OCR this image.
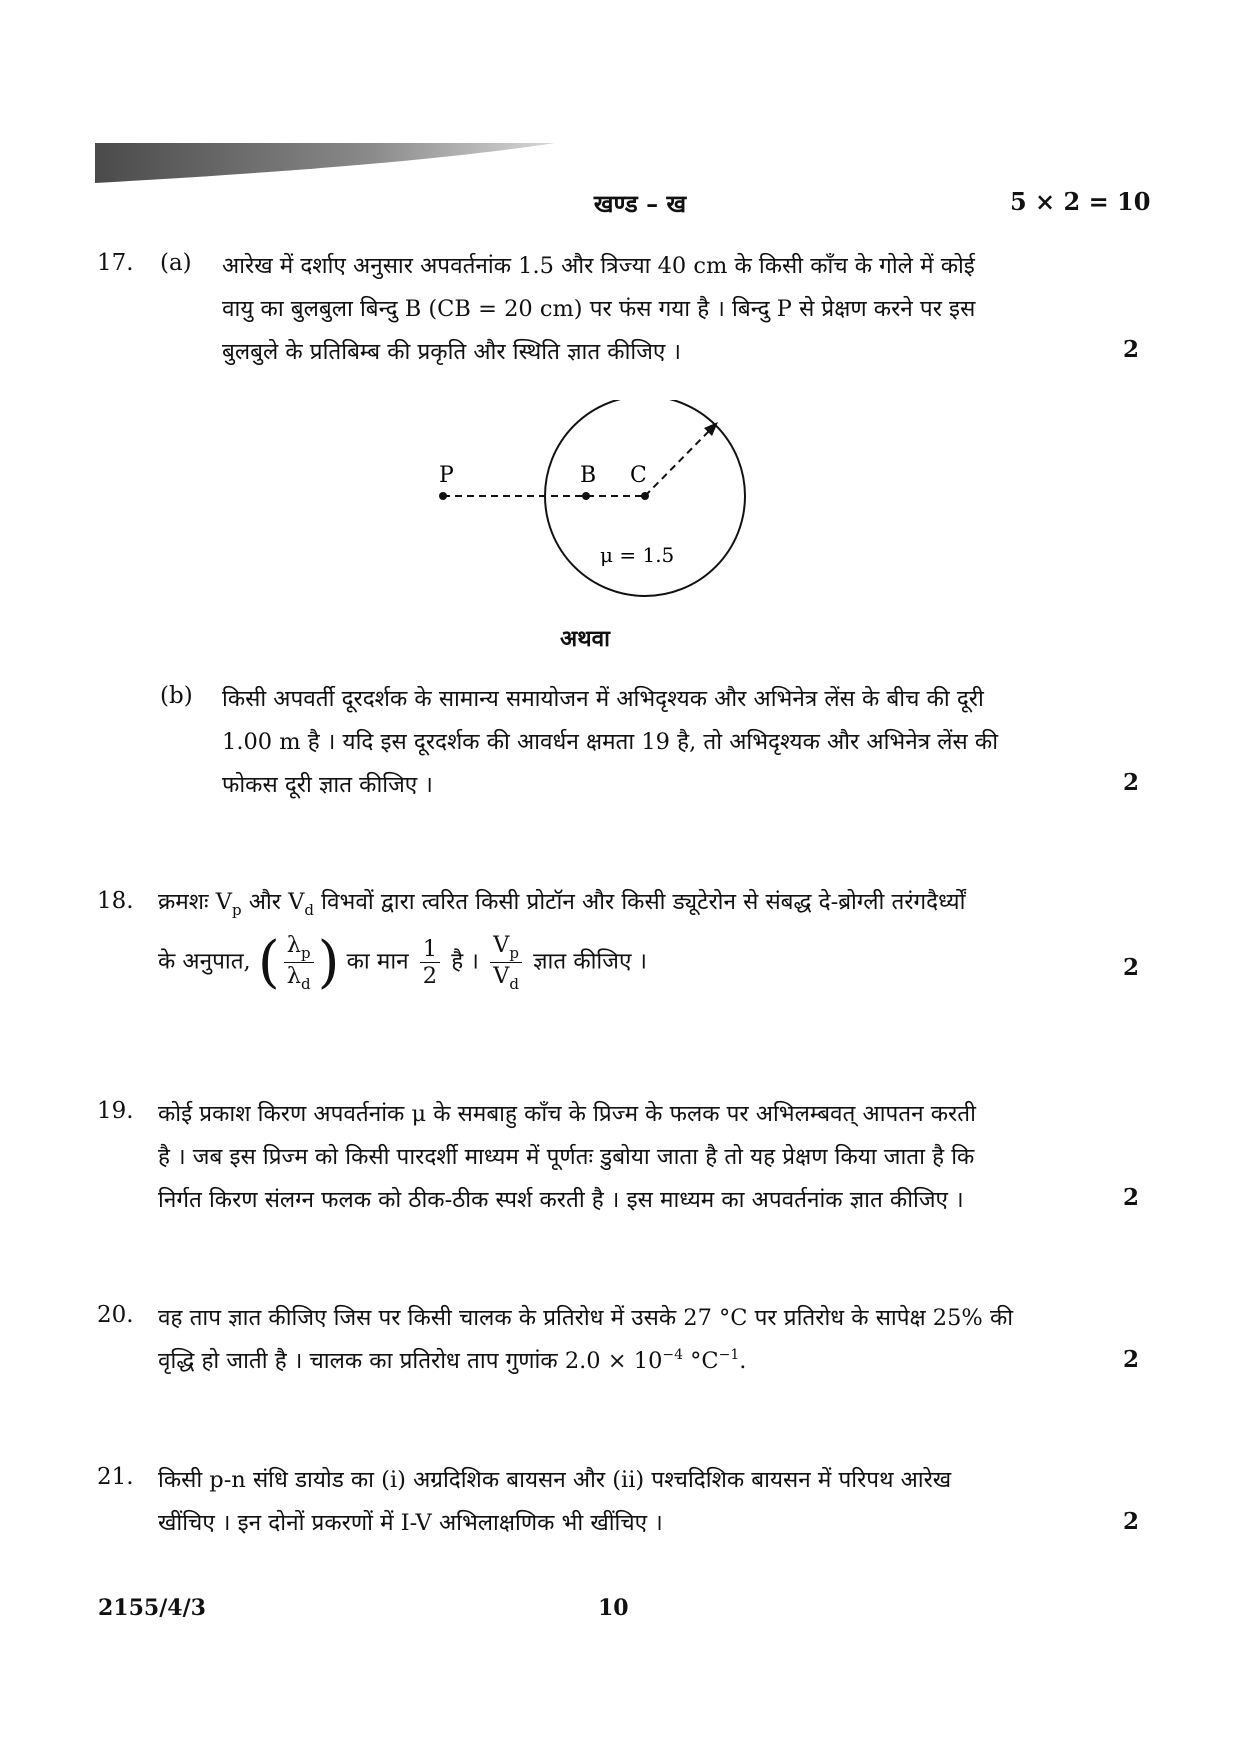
खण्ड – ख	5 × 2 = 10
17. (a) आरेख में दर्शाए अनुसार अपवर्तनांक 1.5 और त्रिज्या 40 cm के किसी काँच के गोले में कोई
वायु का बुलबुला बिन्दु B (CB = 20 cm) पर फंस गया है । बिन्दु P से प्रेक्षण करने पर इस
बुलबुले के प्रतिबिम्ब की प्रकृति और स्थिति ज्ञात कीजिए ।	2
P	B C
μ = 1.5
अथवा
(b) किसी अपवर्ती दूरदर्शक के सामान्य समायोजन में अभिदृश्यक और अभिनेत्र लेंस के बीच की दूरी
1.00 m है । यदि इस दूरदर्शक की आवर्धन क्षमता 19 है, तो अभिदृश्यक और अभिनेत्र लेंस की
फोकस दूरी ज्ञात कीजिए ।	2
18. क्रमशः $V_p$ और $V_d$ विभवों द्वारा त्वरित किसी प्रोटॉन और किसी ड्यूटेरोन से संबद्ध दे-ब्रोग्ली तरंगदैर्ध्यों
के अनुपात, ( $\frac{\lambda_p}{\lambda_d}$ ) का मान $\frac{1}{2}$ है । $\frac{V_p}{V_d}$ ज्ञात कीजिए ।	2
19. कोई प्रकाश किरण अपवर्तनांक μ के समबाहु काँच के प्रिज्म के फलक पर अभिलम्बवत् आपतन करती
है । जब इस प्रिज्म को किसी पारदर्शी माध्यम में पूर्णतः डुबोया जाता है तो यह प्रेक्षण किया जाता है कि
निर्गत किरण संलग्न फलक को ठीक-ठीक स्पर्श करती है । इस माध्यम का अपवर्तनांक ज्ञात कीजिए ।	2
20. वह ताप ज्ञात कीजिए जिस पर किसी चालक के प्रतिरोध में उसके 27 °C पर प्रतिरोध के सापेक्ष 25% की
वृद्धि हो जाती है । चालक का प्रतिरोध ताप गुणांक $2.0 \times 10^{-4}$ $^\circ C^{-1}$.	2
21. किसी p-n संधि डायोड का (i) अग्रदिशिक बायसन और (ii) पश्चदिशिक बायसन में परिपथ आरेख
खींचिए । इन दोनों प्रकरणों में I-V अभिलाक्षणिक भी खींचिए ।	2
2155/4/3	10
